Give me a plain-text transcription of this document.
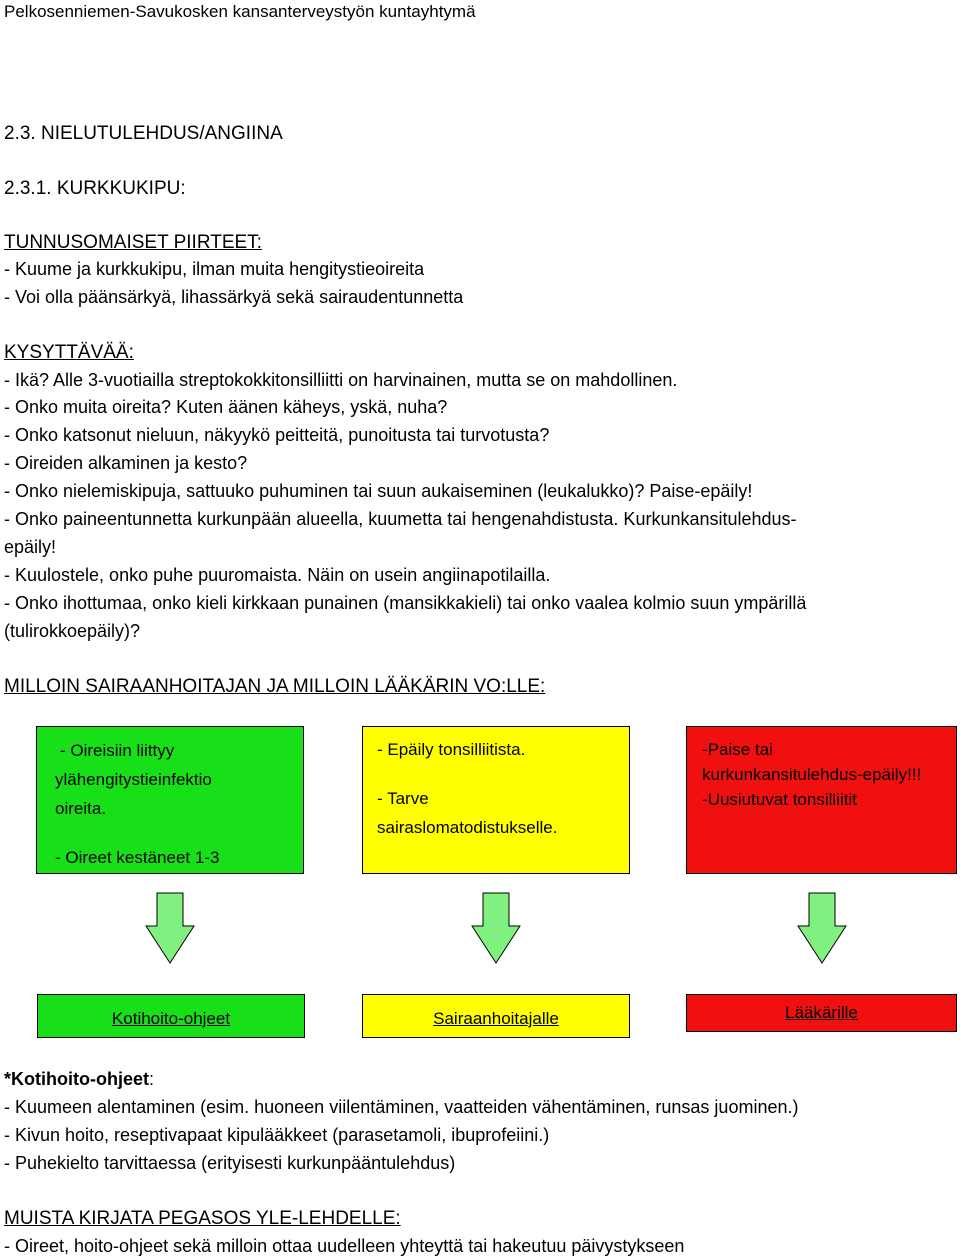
Pelkosenniemen-Savukosken kansanterveystyön kuntayhtymä
2.3. NIELUTULEHDUS/ANGIINA
2.3.1. KURKKUKIPU:
TUNNUSOMAISET PIIRTEET:
- Kuume ja kurkkukipu, ilman muita hengitystieoireita
- Voi olla päänsärkyä, lihassärkyä sekä sairaudentunnetta
KYSYTTÄVÄÄ:
- Ikä? Alle 3-vuotiailla streptokokkitonsilliitti on harvinainen, mutta se on mahdollinen.
- Onko muita oireita? Kuten äänen käheys, yskä, nuha?
- Onko katsonut nieluun, näkyykö peitteitä, punoitusta tai turvotusta?
- Oireiden alkaminen ja kesto?
- Onko nielemiskipuja, sattuuko puhuminen tai suun aukaiseminen (leukalukko)? Paise-epäily!
- Onko paineentunnetta kurkunpään alueella, kuumetta tai hengenahdistusta. Kurkunkansitulehdus-
epäily!
- Kuulostele, onko puhe puuromaista. Näin on usein angiinapotilailla.
- Onko ihottumaa, onko kieli kirkkaan punainen (mansikkakieli) tai onko vaalea kolmio suun ympärillä
(tulirokkoepäily)?
MILLOIN SAIRAANHOITAJAN JA MILLOIN LÄÄKÄRIN VO:LLE:
- Oireisiin liittyy
ylähengitystieinfektio
oireita.
- Oireet kestäneet 1-3
- Epäily tonsilliitista.
- Tarve
sairaslomatodistukselle.
-Paise tai
kurkunkansitulehdus-epäily!!!
-Uusiutuvat tonsilliitit
Kotihoito-ohjeet	Sairaanhoitajalle	Lääkärille
*Kotihoito-ohjeet:
- Kuumeen alentaminen (esim. huoneen viilentäminen, vaatteiden vähentäminen, runsas juominen.)
- Kivun hoito, reseptivapaat kipulääkkeet (parasetamoli, ibuprofeiini.)
- Puhekielto tarvittaessa (erityisesti kurkunpääntulehdus)
MUISTA KIRJATA PEGASOS YLE-LEHDELLE:
- Oireet, hoito-ohjeet sekä milloin ottaa uudelleen yhteyttä tai hakeutuu päivystykseen
